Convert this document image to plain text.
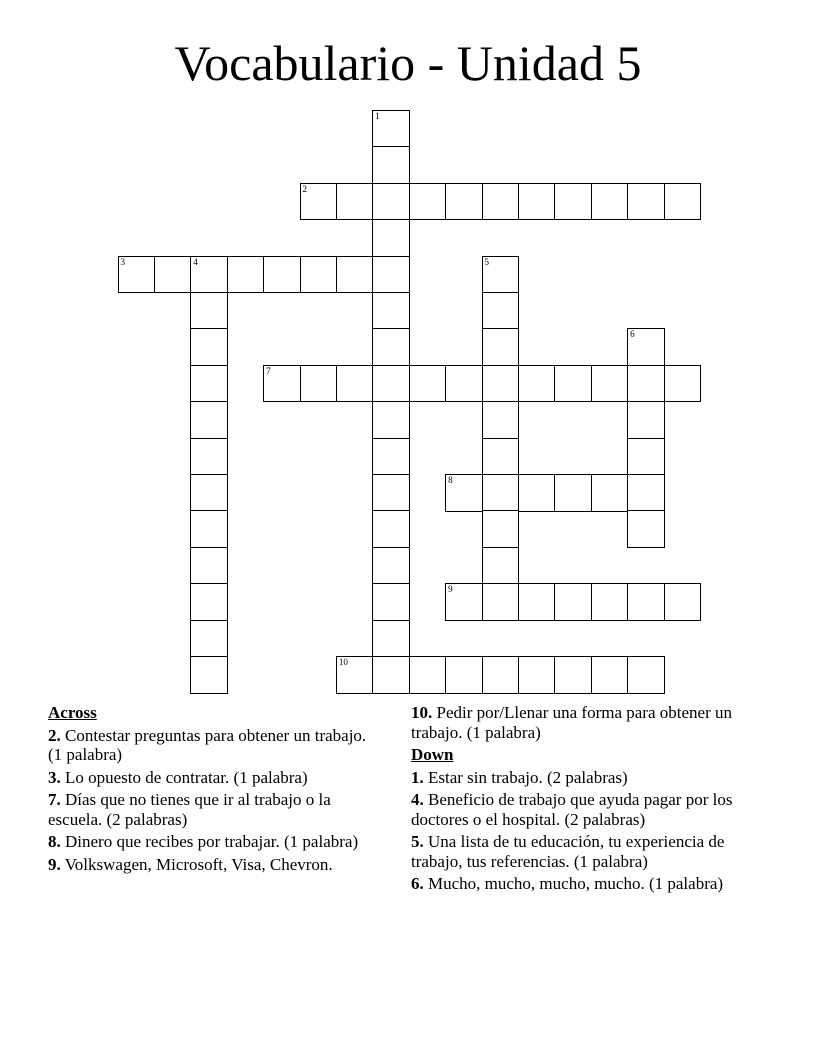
Vocabulario - Unidad 5
1
2
3	4	5
6
7
8
9
10
Across
2. Contestar preguntas para obtener un trabajo. (1 palabra)
3. Lo opuesto de contratar. (1 palabra)
7. Días que no tienes que ir al trabajo o la escuela. (2 palabras)
8. Dinero que recibes por trabajar. (1 palabra)
9. Volkswagen, Microsoft, Visa, Chevron.
10. Pedir por/Llenar una forma para obtener un trabajo. (1 palabra)
Down
1. Estar sin trabajo. (2 palabras)
4. Beneficio de trabajo que ayuda pagar por los doctores o el hospital. (2 palabras)
5. Una lista de tu educación, tu experiencia de trabajo, tus referencias. (1 palabra)
6. Mucho, mucho, mucho, mucho. (1 palabra)
